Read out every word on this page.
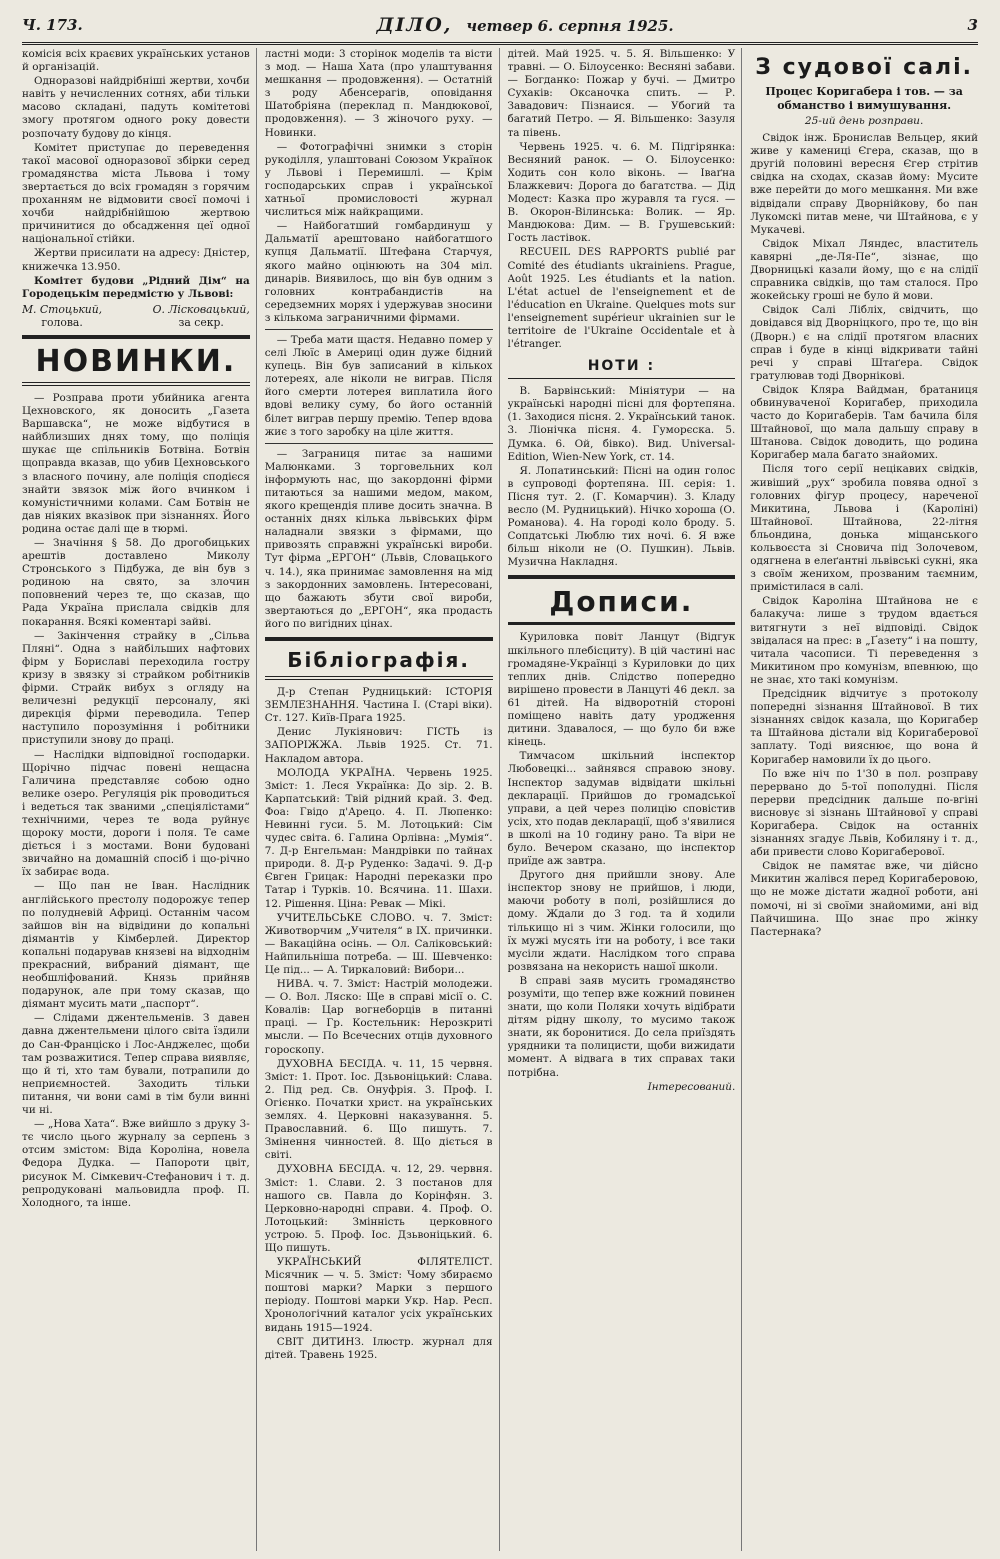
Ч. 173.	ДІЛО, четвер 6. серпня 1925.	3

комісія всіх краєвих українських установ й організацій.

Одноразові найдрібніші жертви, хочби навіть у нечисленних сотнях, аби тільки масово складані, падуть комітетові змогу протягом одного року довести розпочату будову до кінця.

Комітет приступає до переведення такої масової одноразової збірки серед громадянства міста Львова і тому звертається до всіх громадян з горячим проханням не відмовити своєї помочі і хочби найдрібнійшою жертвою причинитися до обсадження цеї одної національної стійки.

Жертви присилати на адресу: Дністер, книжечка 13.950.

Комітет будови „Рідний Дім“ на Городецькім передмістю у Львові:

М. Стоцький,
голова.
О. Лісковацький,
за секр.
НОВИНКИ.

— Розправа проти убийника агента Цехновского, як доносить „Газета Варшавска“, не може відбутися в найблизших днях тому, що поліція шукає ще спільників Ботвіна. Ботвін щоправда вказав, що убив Цехновського з власного почину, але поліція сподієся знайти звязок між його вчинком і комуністичними колами. Сам Ботвін не дав ніяких вказівок при зізнаннях. Його родина остає далі ще в тюрмі.

— Значіння § 58. До дрогобицьких арештів доставлено Миколу Стронського з Підбужа, де він був з родиною на свято, за злочин поповнений через те, що сказав, що Рада Україна прислала свідків для покарання. Всякі коментарі зайві.

— Закінчення страйку в „Сільва Пляні“. Одна з найбільших нафтових фірм у Бориславі переходила гостру кризу в звязку зі страйком робітників фірми. Страйк вибух з огляду на величезні редукції персоналу, які дирекція фірми переводила. Тепер наступило порозуміння і робітники приступили знову до праці.

— Наслідки відповідної господарки. Щорічно підчас повені нещасна Галичина представляє собою одно велике озеро. Регуляція рік проводиться і ведеться так званими „спеціялістами“ технічними, через те вода руйнує щороку мости, дороги і поля. Те саме діється і з мостами. Вони будовані звичайно на домашній спосіб і що-річно їх забирає вода.

— Що пан не Іван. Наслідник англійського престолу подорожує тепер по полудневій Африці. Останнім часом зайшов він на відвідини до копальні діямантів у Кімберлей. Директор копальні подарував князеві на відходнім прекрасний, вибраний діямант, ще необшліфований. Князь прийняв подарунок, але при тому сказав, що діямант мусить мати „паспорт“.

— Слідами джентельменів. З давен давна джентельмени цілого світа їздили до Сан-Франціско і Лос-Анджелес, щоби там розважитися. Тепер справа виявляє, що й ті, хто там бували, потрапили до неприємностей. Заходить тільки питання, чи вони самі в тім були винні чи ні.

— „Нова Хата“. Вже вийшло з друку 3-тє число цього журналу за серпень з отсим змістом: Віда Короліна, новела Федора Дудка. — Папороти цвіт, рисунок М. Сімкевич-Стефанович і т. д. репродуковані мальовидла проф. П. Холодного, та інше.

ластні моди: 3 сторінок моделів та вісти з мод. — Наша Хата (про улаштування мешкання — продовження). — Остатній з роду Абенсерагів, оповідання Шатобріяна (переклад п. Мандюкової, продовження). — З жіночого руху. — Новинки.

— Фотографічні знимки з сторін рукоділля, улаштовані Союзом Українок у Львові і Перемишлі. — Крім господарських справ і української хатньої промисловості журнал числиться між найкращими.

— Найбогатший гомбардинуш у Дальматії арештовано найбогатшого купця Дальматії. Штефана Старчуя, якого майно оцінюють на 304 міл. динарів. Виявилось, що він був одним з головних контрабандистів на середземних морях і удержував зносини з кількома заграничними фірмами.

— Треба мати щастя. Недавно помер у селі Люїс в Америці один дуже бідний купець. Він був записаний в кількох лотереях, але ніколи не виграв. Після його смерти лотерея виплатила його вдові велику суму, бо його останній білет виграв першу премію. Тепер вдова жиє з того заробку на ціле життя.

— Заграниця питає за нашими Малюнками. З торговельних кол інформують нас, що закордонні фірми питаються за нашими медом, маком, якого крещендія пливе досить значна. В останніх днях кілька львівських фірм наладнали звязки з фірмами, що привозять справжні українські вироби. Тут фірма „ЕРГОН“ (Львів, Словацького ч. 14.), яка принимає замовлення на мід з закордонних замовлень. Інтересовані, що бажають збути свої вироби, звертаються до „ЕРГОН“, яка продасть його по вигідних цінах.

Бібліографія.

Д-р Степан Рудницький: ІСТОРІЯ ЗЕМЛЕЗНАННЯ. Частина І. (Старі віки). Ст. 127. Київ-Прага 1925.

Денис Лукіянович: ГІСТЬ із ЗАПОРІЖЖА. Львів 1925. Ст. 71. Накладом автора.

МОЛОДА УКРАЇНА. Червень 1925. Зміст: 1. Леся Українка: До зір. 2. В. Карпатський: Твій рідний край. 3. Фед. Фоа: Гвідо д'Арецо. 4. П. Люпенко: Невинні гуси. 5. М. Лотоцький: Сім чудес світа. 6. Галина Орлівна: „Мумія“. 7. Д-р Енгельман: Мандрівки по тайнах природи. 8. Д-р Руденко: Задачі. 9. Д-р Євген Грицак: Народні переказки про Татар і Турків. 10. Всячина. 11. Шахи. 12. Рішення. Ціна: Ревак — Мікі.

УЧИТЕЛЬСЬКЕ СЛОВО. ч. 7. Зміст: Животворчим „Учителя“ в ІХ. причинки. — Вакаційна осінь. — Ол. Саліковський: Найпильніша потреба. — Ш. Шевченко: Це під... — А. Тиркаловий: Вибори...

НИВА. ч. 7. Зміст: Настрій молодежи. — О. Вол. Ляско: Ще в справі місії о. С. Ковалів: Цар вогнеборців в питанні праці. — Гр. Костельник: Нерозкриті мысли. — По Всечесних отців духовного гороскопу.

ДУХОВНА БЕСІДА. ч. 11, 15 червня. Зміст: 1. Прот. Іос. Дзьвоніцький: Слава. 2. Під ред. Св. Онуфрія. 3. Проф. І. Огієнко. Початки христ. на українських землях. 4. Церковні наказування. 5. Православний. 6. Що пишуть. 7. Змінення чинностей. 8. Що діється в світі.

ДУХОВНА БЕСІДА. ч. 12, 29. червня. Зміст: 1. Слави. 2. З постанов для нашого св. Павла до Корінфян. 3. Церковно-народні справи. 4. Проф. О. Лотоцький: Змінність церковного устрою. 5. Проф. Іос. Дзьвоніцький. 6. Що пишуть.

УКРАЇНСЬКИЙ ФІЛЯТЕЛІСТ. Місячник — ч. 5. Зміст: Чому збираємо поштові марки? Марки з першого періоду. Поштові марки Укр. Нар. Респ. Хронологічний каталог усіх українських видань 1915—1924.

СВІТ ДИТИНЗ. Ілюстр. журнал для дітей. Травень 1925.

дітей. Май 1925. ч. 5. Я. Вільшенко: У травні. — О. Білоусенко: Весняні забави. — Богданко: Пожар у бучі. — Дмитро Сухаків: Оксаночка спить. — Р. Завадович: Пізнаися. — Убогий та багатий Петро. — Я. Вільшенко: Зазуля та півень.

Червень 1925. ч. 6. М. Підгірянка: Весняний ранок. — О. Білоусенко: Ходить сон коло віконь. — Іваґна Блажкевич: Дорога до багатства. — Дід Модест: Казка про журавля та гуся. — В. Окорон-Вілинська: Волик. — Яр. Мандюкова: Дим. — В. Грушевський: Гость ластівок.

RECUEIL DES RAPPORTS publié par Comité des étudiants ukrainiens. Prague, Août 1925. Les étudiants et la nation. L'état actuel de l'enseignement et de l'éducation en Ukraine. Quelques mots sur l'enseignement supérieur ukrainien sur le territoire de l'Ukraine Occidentale et à l'étranger.

НОТИ :

В. Барвінський: Мініятури — на українські народні пісні для фортепяна. (1. Заходися пісня. 2. Український танок. 3. Ліонічка пісня. 4. Гуморєска. 5. Думка. 6. Ой, бівко). Вид. Universal-Edition, Wien-New York, ст. 14.

Я. Лопатинський: Пісні на один голос в супроводі фортепяна. ІІІ. серія: 1. Пісня тут. 2. (Г. Комарчин). 3. Кладу весло (М. Рудницький). Нічко хороша (О. Романова). 4. На городі коло броду. 5. Сопдатські Люблю тих ночі. 6. Я вже більш ніколи не (О. Пушкин). Львів. Музична Накладня.

Дописи.

Куриловка повіт Ланцут (Відгук шкільного плебісциту). В цій частині нас громадяне-Українці з Куриловки до цих теплих днів. Слідство попередно вирішено провести в Ланцуті 46 декл. за 61 дітей. На відворотній стороні поміщено навіть дату уродження дитини. Здавалося, — що було би вже кінець.

Тимчасом шкільний інспектор Любовецкі... зайнявся справою знову. Інспектор задумав відвідати шкільні декларації. Прийшов до громадської управи, а цей через полицію сповістив усіх, хто подав декларації, щоб з'явилися в школі на 10 годину рано. Та віри не було. Вечером сказано, що інспектор приїде аж завтра.

Другого дня прийшли знову. Але інспектор знову не прийшов, і люди, маючи роботу в полі, розійшлися до дому. Ждали до 3 год. та й ходили тількищо ні з чим. Жінки голосили, що їх мужі мусять іти на роботу, і все таки мусіли ждати. Наслідком того справа розвязана на некористь нашої школи.

В справі заяв мусить громадянство розуміти, що тепер вже кожний повинен знати, що коли Поляки хочуть відібрати дітям рідну школу, то мусимо також знати, як боронитися. До села приїздять урядники та полицисти, щоби вижидати момент. А відвага в тих справах таки потрібна.

Інтересований.

З судової салі.
Процес Коригаберa і тов. — за обманство і вимушування.
25-ий день розправи.

Свідок інж. Бронислав Вельцер, який живе у камениці Єгера, сказав, що в другій половині вересня Єгер стрітив свідка на сходах, сказав йому: Мусите вже перейти до мого мешкання. Ми вже відвідали справу Дворнійкову, бо пан Лукомскі питав мене, чи Штайнова, є у Мукачеві.

Свідок Міхал Ляндес, властитель кавярні „де-Ля-Пе“, зізнає, що Дворницькі казали йому, що є на слідії справника свідків, що там сталося. Про жокейську гроші не було й мови.

Свідок Салі Лібліх, свідчить, що довідався від Дворніцкого, про те, що він (Дворн.) є на слідії протягом власних справ і буде в кінці відкривати тайні речі у справі Штаґера. Свідок гратулював тоді Дворнікові.

Свідок Кляра Вайдман, братаниця обвинуваченої Коригабер, приходила часто до Коригаберів. Там бачила біля Штайнової, що мала дальшу справу в Штанова. Свідок доводить, що родина Коригабер мала багато знайомих.

Після того серії нецікавих свідків, живіший „рух“ зробила повява одної з головних фігур процесу, нареченої Микитина, Львова і (Кароліні) Штайнової. Штайнова, 22-літня бльондина, донька міщанського кольвоєста зі Сновича під Золочевом, одягнена в елеґантні львівські сукні, яка з своїм женихом, прозваним таємним, примістилася в салі.

Свідок Кароліна Штайнова не є балакуча: лише з трудом вдається витягнути з неї відповіді. Свідок звідалася на прес: в „Ґазету“ і на пошту, читала часописи. Ті переведення з Микитином про комунізм, впевнюю, що не знає, хто такі комунізм.

Предсідник відчитує з протоколу попередні зізнання Штайнової. В тих зізнаннях свідок казала, що Коригабер та Штайнова дістали від Коригаберової заплату. Тоді вияснює, що вона й Коригабер намовили їх до цього.

По вже ніч по 1'30 в пол. розправу перервано до 5-тої пополудні. Після перерви предсідник дальше по-вгіні висновує зі зізнань Штайнової у справі Коригабера. Свідок на останніх зізнаннях згадує Львів, Кобиляну і т. д., аби привести слово Коригаберової.

Свідок не памятає вже, чи дійсно Микитин жалівся перед Коригаберовою, що не може дістати жадної роботи, ані помочі, ні зі своїми знайомими, ані від Пайчишина. Що знає про жінку Пастернака?
